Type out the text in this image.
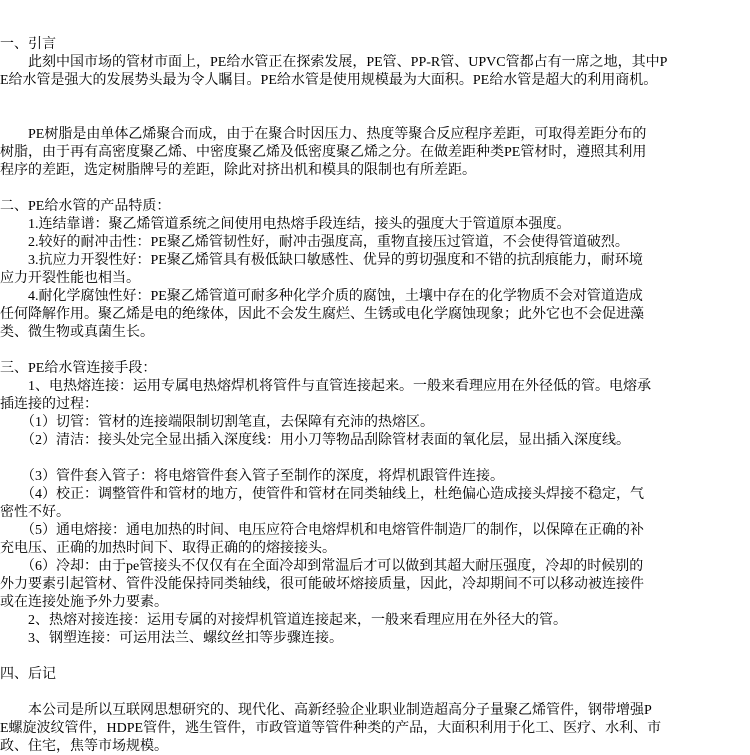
一、引言
　　此刻中国市场的管材市面上，PE给水管正在探索发展，PE管、PP-R管、UPVC管都占有一席之地，其中P
E给水管是强大的发展势头最为令人瞩目。PE给水管是使用规模最为大面积。PE给水管是超大的利用商机。
　　PE树脂是由单体乙烯聚合而成，由于在聚合时因压力、热度等聚合反应程序差距，可取得差距分布的
树脂，由于再有高密度聚乙烯、中密度聚乙烯及低密度聚乙烯之分。在做差距种类PE管材时，遵照其利用
程序的差距，选定树脂牌号的差距，除此对挤出机和模具的限制也有所差距。
二、PE给水管的产品特质：
　　1.连结靠谱：聚乙烯管道系统之间使用电热熔手段连结，接头的强度大于管道原本强度。
　　2.较好的耐冲击性：PE聚乙烯管韧性好，耐冲击强度高，重物直接压过管道，不会使得管道破烈。
　　3.抗应力开裂性好：PE聚乙烯管具有极低缺口敏感性、优异的剪切强度和不错的抗刮痕能力，耐环境
应力开裂性能也相当。
　　4.耐化学腐蚀性好：PE聚乙烯管道可耐多种化学介质的腐蚀，土壤中存在的化学物质不会对管道造成
任何降解作用。聚乙烯是电的绝缘体，因此不会发生腐烂、生锈或电化学腐蚀现象；此外它也不会促进藻
类、微生物或真菌生长。
三、PE给水管连接手段：
　　1、电热熔连接：运用专属电热熔焊机将管件与直管连接起来。一般来看理应用在外径低的管。电熔承
插连接的过程：
　　（1）切管：管材的连接端限制切割笔直，去保障有充沛的热熔区。
　　（2）清洁：接头处完全显出插入深度线：用小刀等物品刮除管材表面的氧化层，显出插入深度线。
　　（3）管件套入管子：将电熔管件套入管子至制作的深度，将焊机跟管件连接。
　　（4）校正：调整管件和管材的地方，使管件和管材在同类轴线上，杜绝偏心造成接头焊接不稳定，气
密性不好。
　　（5）通电熔接：通电加热的时间、电压应符合电熔焊机和电熔管件制造厂的制作，以保障在正确的补
充电压、正确的加热时间下、取得正确的的熔接接头。
　　（6）冷却：由于pe管接头不仅仅有在全面冷却到常温后才可以做到其超大耐压强度，冷却的时候别的
外力要素引起管材、管件没能保持同类轴线，很可能破坏熔接质量，因此，冷却期间不可以移动被连接件
或在连接处施予外力要素。
　　2、热熔对接连接：运用专属的对接焊机管道连接起来，一般来看理应用在外径大的管。
　　3、钢塑连接：可运用法兰、螺纹丝扣等步骤连接。
四、后记
　　本公司是所以互联网思想研究的、现代化、高新经验企业职业制造超高分子量聚乙烯管件，钢带增强P
E螺旋波纹管件，HDPE管件，逃生管件，市政管道等管件种类的产品，大面积利用于化工、医疗、水利、市
政、住宅，焦等市场规模。
